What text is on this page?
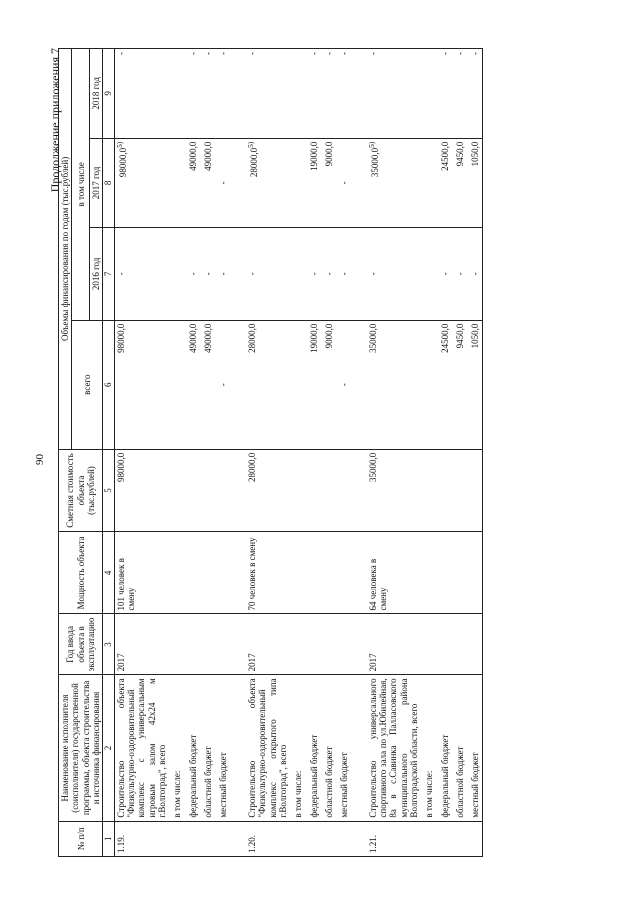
90
Продолжение приложения 7
№ п/п	Наименование исполнителя (соисполнителя) государственной программы, объекта строительства и источника финансирования	Год ввода объекта в эксплуатацию	Мощность объекта	Сметная стоимость объекта (тыс.рублей)	Объемы финансирования по годам (тыс.рублей)			
					всего	в том числе		
						2016 год	2017 год	2018 год
1	2	3	4	5	6	7	8	9
1.19.	Строительство объекта "Физкультурно-оздоровительный комплекс с универсальным игровым залом 42х24 м г.Волгоград", всего	2017	101 человек в смену	98000,0	98000,0	-	98000,0$^{5)}$	-
	в том числе:							
	федеральный бюджет				49000,0	-	49000,0	-
	областной бюджет				49000,0	-	49000,0	-
	местный бюджет				-	-	-	-

1.20.	Строительство объекта "Физкультурно-оздоровительный комплекс открытого типа г.Волгоград", всего	2017	70 человек в смену	28000,0	28000,0	-	28000,0$^{5)}$	-
	в том числе:							
	федеральный бюджет				19000,0	-	19000,0	-
	областной бюджет				9000,0	-	9000,0	-
	местный бюджет				-	-	-	-

1.21.	Строительство универсального спортивного зала по ул.Юбилейная, 8а в с.Савинка Палласовского муниципального района Волгоградской области, всего	2017	64 человека в смену	35000,0	35000,0	-	35000,0$^{5)}$	-
	в том числе:							
	федеральный бюджет				24500,0	-	24500,0	-
	областной бюджет				9450,0	-	9450,0	-
	местный бюджет				1050,0	-	1050,0	-
